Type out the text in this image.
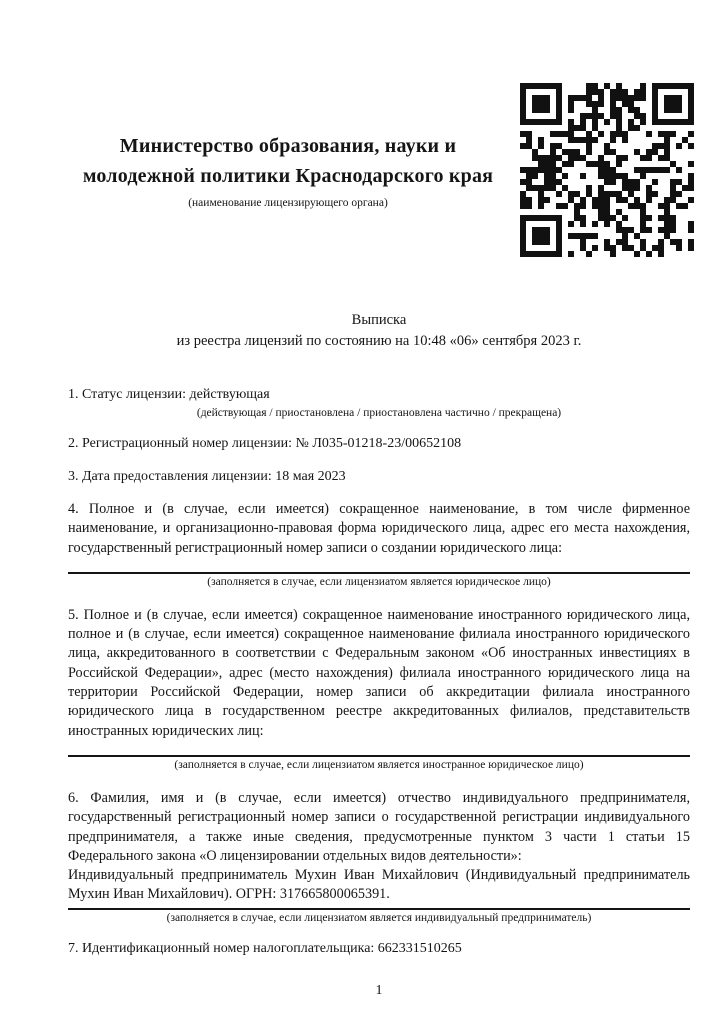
Министерство образования, науки и молодежной политики Краснодарского края
(наименование лицензирующего органа)
Выписка
из реестра лицензий по состоянию на 10:48 «06» сентября 2023 г.
1. Статус лицензии: действующая
(действующая / приостановлена / приостановлена частично / прекращена)
2. Регистрационный номер лицензии: № Л035-01218-23/00652108
3. Дата предоставления лицензии: 18 мая 2023
4. Полное и (в случае, если имеется) сокращенное наименование, в том числе фирменное наименование, и организационно-правовая форма юридического лица, адрес его места нахождения, государственный регистрационный номер записи о создании юридического лица:
(заполняется в случае, если лицензиатом является юридическое лицо)
5. Полное и (в случае, если имеется) сокращенное наименование иностранного юридического лица, полное и (в случае, если имеется) сокращенное наименование филиала иностранного юридического лица, аккредитованного в соответствии с Федеральным законом «Об иностранных инвестициях в Российской Федерации», адрес (место нахождения) филиала иностранного юридического лица на территории Российской Федерации, номер записи об аккредитации филиала иностранного юридического лица в государственном реестре аккредитованных филиалов, представительств иностранных юридических лиц:
(заполняется в случае, если лицензиатом является иностранное юридическое лицо)
6. Фамилия, имя и (в случае, если имеется) отчество индивидуального предпринимателя, государственный регистрационный номер записи о государственной регистрации индивидуального предпринимателя, а также иные сведения, предусмотренные пунктом 3 части 1 статьи 15 Федерального закона «О лицензировании отдельных видов деятельности»:
Индивидуальный предприниматель Мухин Иван Михайлович (Индивидуальный предприниматель Мухин Иван Михайлович). ОГРН: 317665800065391.
(заполняется в случае, если лицензиатом является индивидуальный предприниматель)
7. Идентификационный номер налогоплательщика: 662331510265
1
